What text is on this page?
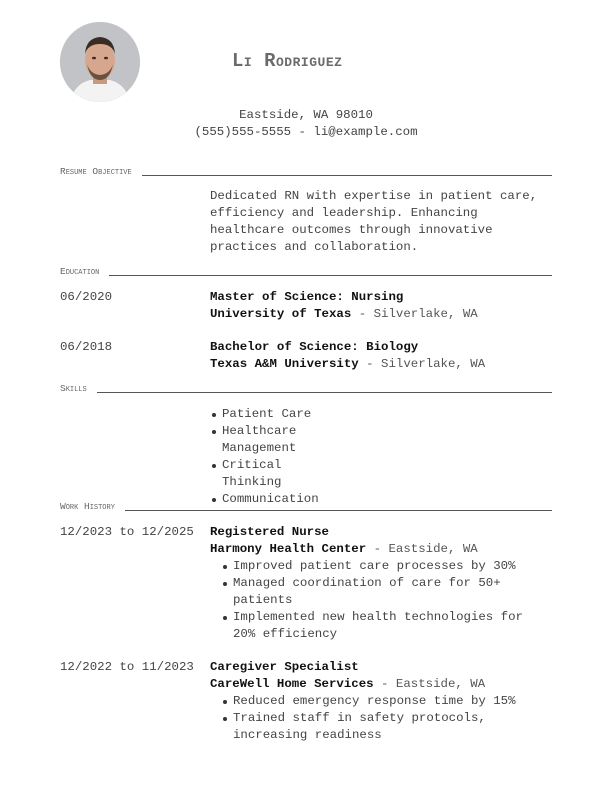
Li Rodriguez
Eastside, WA 98010
(555)555-5555 - li@example.com
Resume Objective
Dedicated RN with expertise in patient care, efficiency and leadership. Enhancing healthcare outcomes through innovative practices and collaboration.
Education
06/2020	Master of Science: Nursing
University of Texas - Silverlake, WA
06/2018	Bachelor of Science: Biology
Texas A&M University - Silverlake, WA
Skills
Patient Care
Healthcare Management
Critical Thinking
Communication
Work History
12/2023 to 12/2025 Registered Nurse
Harmony Health Center - Eastside, WA
Improved patient care processes by 30%
Managed coordination of care for 50+ patients
Implemented new health technologies for 20% efficiency
12/2022 to 11/2023 Caregiver Specialist
CareWell Home Services - Eastside, WA
Reduced emergency response time by 15%
Trained staff in safety protocols, increasing readiness
